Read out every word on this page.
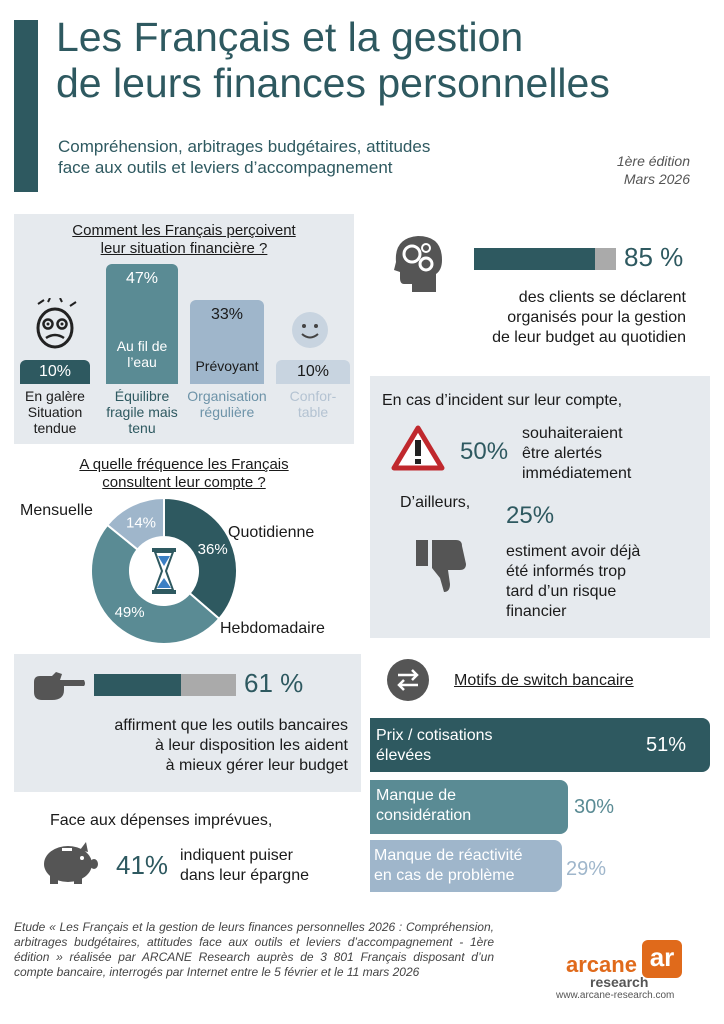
Les Français et la gestion
de leurs finances personnelles
Compréhension, arbitrages budgétaires, attitudes
face aux outils et leviers d’accompagnement	1ère édition
Mars 2026
Comment les Français perçoivent
leur situation financière ?
10%
47%
Au fil de
l’eau
33%
Prévoyant	10%
En galère
Situation
tendue
Équilibre
fragile mais
tenu
Organisation
régulière
Confor-
table
A quelle fréquence les Français
consultent leur compte ?
Mensuelle
Quotidienne
Hebdomadaire
36%
49%
14%
61 %
affirment que les outils bancaires
à leur disposition les aident
à mieux gérer leur budget
Face aux dépenses imprévues,
41% indiquent puiser
dans leur épargne
85 %
des clients se déclarent
organisés pour la gestion
de leur budget au quotidien
En cas d’incident sur leur compte,
50%
souhaiteraient
être alertés
immédiatement
D’ailleurs, 25%
estiment avoir déjà
été informés trop
tard d’un risque
financier
Motifs de switch bancaire
Prix / cotisations
élevées	51%
Manque de
considération	30%
Manque de réactivité
en cas de problème	29%
Etude « Les Français et la gestion de leurs finances personnelles 2026 : Compréhension, arbitrages budgétaires, attitudes face aux outils et leviers d’accompagnement - 1ère édition » réalisée par ARCANE Research auprès de 3 801 Français disposant d’un compte bancaire, interrogés par Internet entre le 5 février et le 11 mars 2026	arcane ar
research
www.arcane-research.com
